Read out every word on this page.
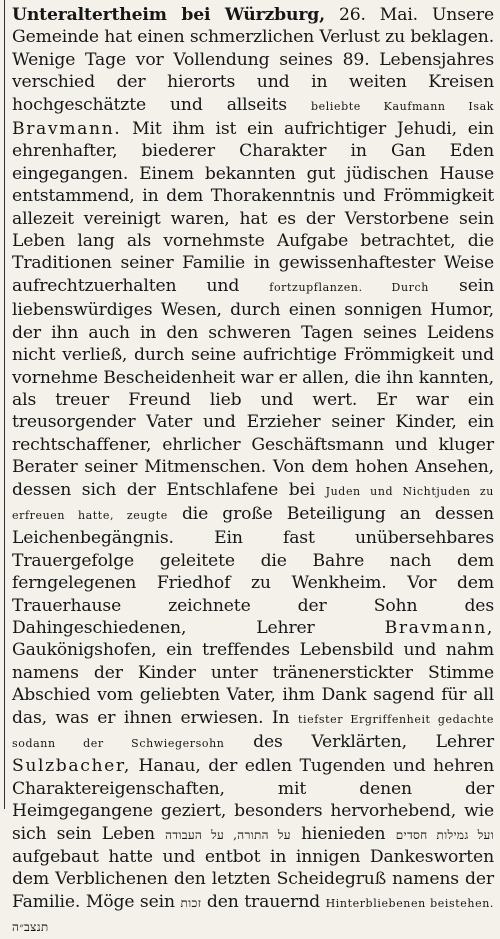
Unteraltertheim bei Würzburg, 26. Mai. Unsere Gemeinde hat einen schmerzlichen Verlust zu beklagen. Wenige Tage vor Vollendung seines 89. Lebensjahres verschied der hierorts und in weiten Kreisen hochgeschätzte und allseits beliebte Kaufmann Isak Bravmann. Mit ihm ist ein aufrichtiger Jehudi, ein ehrenhafter, biederer Charakter in Gan Eden eingegangen. Einem bekannten gut jüdischen Hause entstammend, in dem Thorakenntnis und Frömmigkeit allezeit vereinigt waren, hat es der Verstorbene sein Leben lang als vornehmste Aufgabe betrachtet, die Traditionen seiner Familie in gewissenhaftester Weise aufrechtzuerhalten und	fortzupflanzen. Durch sein liebenswürdiges Wesen, durch einen sonnigen Humor, der ihn auch in den schweren Tagen seines Leidens nicht verließ, durch seine aufrichtige Frömmigkeit und vornehme Bescheidenheit war er allen, die ihn kannten, als treuer Freund lieb und wert. Er war ein treusorgender Vater und Erzieher seiner Kinder, ein rechtschaffener, ehrlicher Geschäftsmann und kluger Berater seiner Mitmenschen. Von dem hohen Ansehen, dessen sich der Entschlafene bei Juden und Nichtjuden zu erfreuen hatte, zeugte die große Beteiligung an dessen Leichenbegängnis. Ein fast unübersehbares Trauergefolge geleitete die Bahre nach dem ferngelegenen Friedhof zu Wenkheim. Vor dem Trauerhause zeichnete der Sohn des Dahingeschiedenen, Lehrer	Bravmann, Gaukönigshofen, ein treffendes Lebensbild und nahm namens der Kinder unter tränenerstickter Stimme Abschied vom geliebten Vater, ihm Dank sagend für all das, was er ihnen erwiesen. In tiefster Ergriffenheit gedachte sodann der Schwiegersohn des Verklärten, Lehrer Sulzbacher, Hanau, der edlen Tugenden und hehren Charaktereigenschaften, mit denen der Heimgegangene geziert, besonders hervorhebend, wie sich sein Leben על התורה, על העבודה hienieden ועל גמילות חסדים aufgebaut hatte und entbot in innigen Dankesworten dem Verblichenen den letzten Scheidegruß namens der Familie. Möge sein זכות den trauernd Hinterbliebenen beistehen. תנצב״ה
